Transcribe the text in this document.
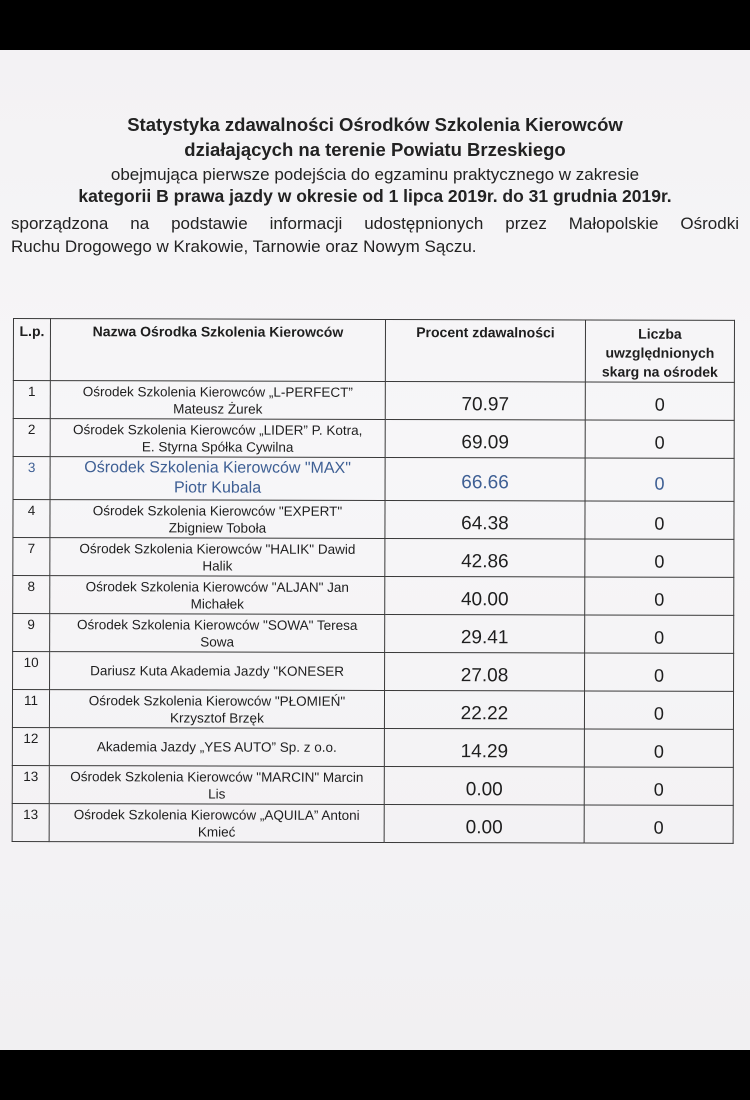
Statystyka zdawalności Ośrodków Szkolenia Kierowców
działających na terenie Powiatu Brzeskiego
obejmująca pierwsze podejścia do egzaminu praktycznego w zakresie
kategorii B prawa jazdy w okresie od 1 lipca 2019r. do 31 grudnia 2019r.
sporządzona na podstawie informacji udostępnionych przez Małopolskie Ośrodki
Ruchu Drogowego w Krakowie, Tarnowie oraz Nowym Sączu.
L.p.	Nazwa Ośrodka Szkolenia Kierowców	Procent zdawalności	Liczba
uwzględnionych
skarg na ośrodek

1	Ośrodek Szkolenia Kierowców „L-PERFECT”
Mateusz Żurek	70.97	0
2	Ośrodek Szkolenia Kierowców „LIDER” P. Kotra,
E. Styrna Spółka Cywilna	69.09	0
3	Ośrodek Szkolenia Kierowców "MAX"
Piotr Kubala	66.66	0
4	Ośrodek Szkolenia Kierowców "EXPERT"
Zbigniew Toboła	64.38	0
7	Ośrodek Szkolenia Kierowców "HALIK" Dawid
Halik	42.86	0
8	Ośrodek Szkolenia Kierowców "ALJAN" Jan
Michałek	40.00	0
9	Ośrodek Szkolenia Kierowców "SOWA" Teresa
Sowa	29.41	0
10	Dariusz Kuta Akademia Jazdy "KONESER	27.08	0
11	Ośrodek Szkolenia Kierowców "PŁOMIEŃ"
Krzysztof Brzęk	22.22	0
12	Akademia Jazdy „YES AUTO” Sp. z o.o.	14.29	0
13	Ośrodek Szkolenia Kierowców "MARCIN" Marcin
Lis	0.00	0
13	Ośrodek Szkolenia Kierowców „AQUILA” Antoni
Kmieć	0.00	0
